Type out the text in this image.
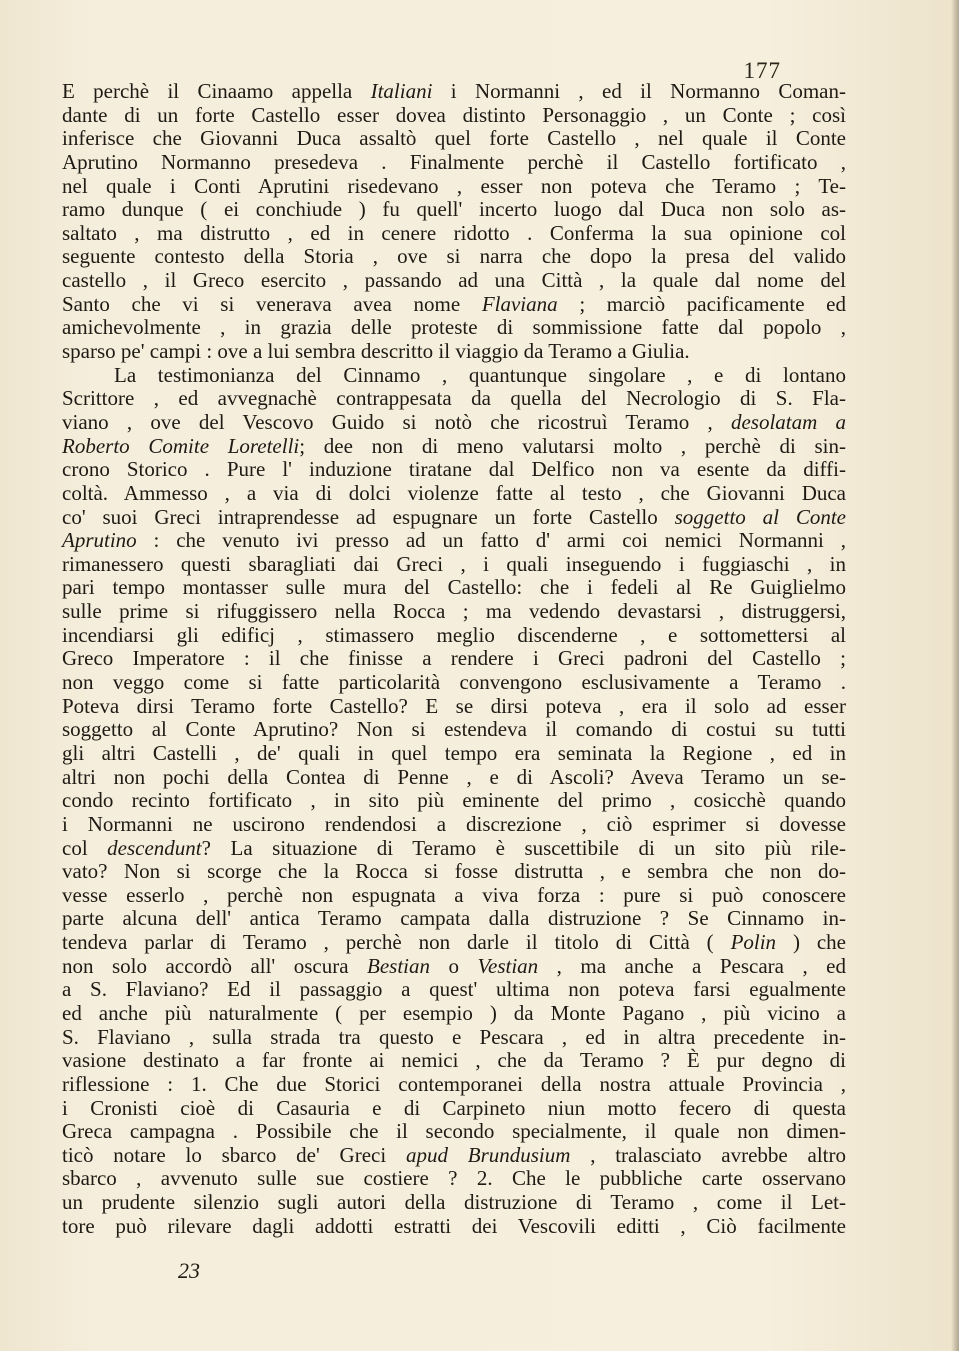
177
E perchè il Cinaamo appella Italiani i Normanni , ed il Normanno Coman-
dante di un forte Castello esser dovea distinto Personaggio , un Conte ; così
inferisce che Giovanni Duca assaltò quel forte Castello , nel quale il Conte
Aprutino Normanno presedeva . Finalmente perchè il Castello fortificato ,
nel quale i Conti Aprutini risedevano , esser non poteva che Teramo ; Te-
ramo dunque ( ei conchiude ) fu quell' incerto luogo dal Duca non solo as-
saltato , ma distrutto , ed in cenere ridotto . Conferma la sua opinione col
seguente contesto della Storia , ove si narra che dopo la presa del valido
castello , il Greco esercito , passando ad una Città , la quale dal nome del
Santo che vi si venerava avea nome Flaviana ; marciò pacificamente ed
amichevolmente , in grazia delle proteste di sommissione fatte dal popolo ,
sparso pe' campi : ove a lui sembra descritto il viaggio da Teramo a Giulia.
La testimonianza del Cinnamo , quantunque singolare , e di lontano
Scrittore , ed avvegnachè contrappesata da quella del Necrologio di S. Fla-
viano , ove del Vescovo Guido si notò che ricostruì Teramo , desolatam a
Roberto Comite Loretelli; dee non di meno valutarsi molto , perchè di sin-
crono Storico . Pure l' induzione tiratane dal Delfico non va esente da diffi-
coltà. Ammesso , a via di dolci violenze fatte al testo , che Giovanni Duca
co' suoi Greci intraprendesse ad espugnare un forte Castello soggetto al Conte
Aprutino : che venuto ivi presso ad un fatto d' armi coi nemici Normanni ,
rimanessero questi sbaragliati dai Greci , i quali inseguendo i fuggiaschi , in
pari tempo montasser sulle mura del Castello: che i fedeli al Re Guiglielmo
sulle prime si rifuggissero nella Rocca ; ma vedendo devastarsi , distruggersi,
incendiarsi gli edificj , stimassero meglio discenderne , e sottomettersi al
Greco Imperatore : il che finisse a rendere i Greci padroni del Castello ;
non veggo come si fatte particolarità convengono esclusivamente a Teramo .
Poteva dirsi Teramo forte Castello? E se dirsi poteva , era il solo ad esser
soggetto al Conte Aprutino? Non si estendeva il comando di costui su tutti
gli altri Castelli , de' quali in quel tempo era seminata la Regione , ed in
altri non pochi della Contea di Penne , e di Ascoli? Aveva Teramo un se-
condo recinto fortificato , in sito più eminente del primo , cosicchè quando
i Normanni ne uscirono rendendosi a discrezione , ciò esprimer si dovesse
col descendunt? La situazione di Teramo è suscettibile di un sito più rile-
vato? Non si scorge che la Rocca si fosse distrutta , e sembra che non do-
vesse esserlo , perchè non espugnata a viva forza : pure si può conoscere
parte alcuna dell' antica Teramo campata dalla distruzione ? Se Cinnamo in-
tendeva parlar di Teramo , perchè non darle il titolo di Città ( Polin ) che
non solo accordò all' oscura Bestian o Vestian , ma anche a Pescara , ed
a S. Flaviano? Ed il passaggio a quest' ultima non poteva farsi egualmente
ed anche più naturalmente ( per esempio ) da Monte Pagano , più vicino a
S. Flaviano , sulla strada tra questo e Pescara , ed in altra precedente in-
vasione destinato a far fronte ai nemici , che da Teramo ? È pur degno di
riflessione : 1. Che due Storici contemporanei della nostra attuale Provincia ,
i Cronisti cioè di Casauria e di Carpineto niun motto fecero di questa
Greca campagna . Possibile che il secondo specialmente, il quale non dimen-
ticò notare lo sbarco de' Greci apud Brundusium , tralasciato avrebbe altro
sbarco , avvenuto sulle sue costiere ? 2. Che le pubbliche carte osservano
un prudente silenzio sugli autori della distruzione di Teramo , come il Let-
tore può rilevare dagli addotti estratti dei Vescovili editti , Ciò facilmente
23
